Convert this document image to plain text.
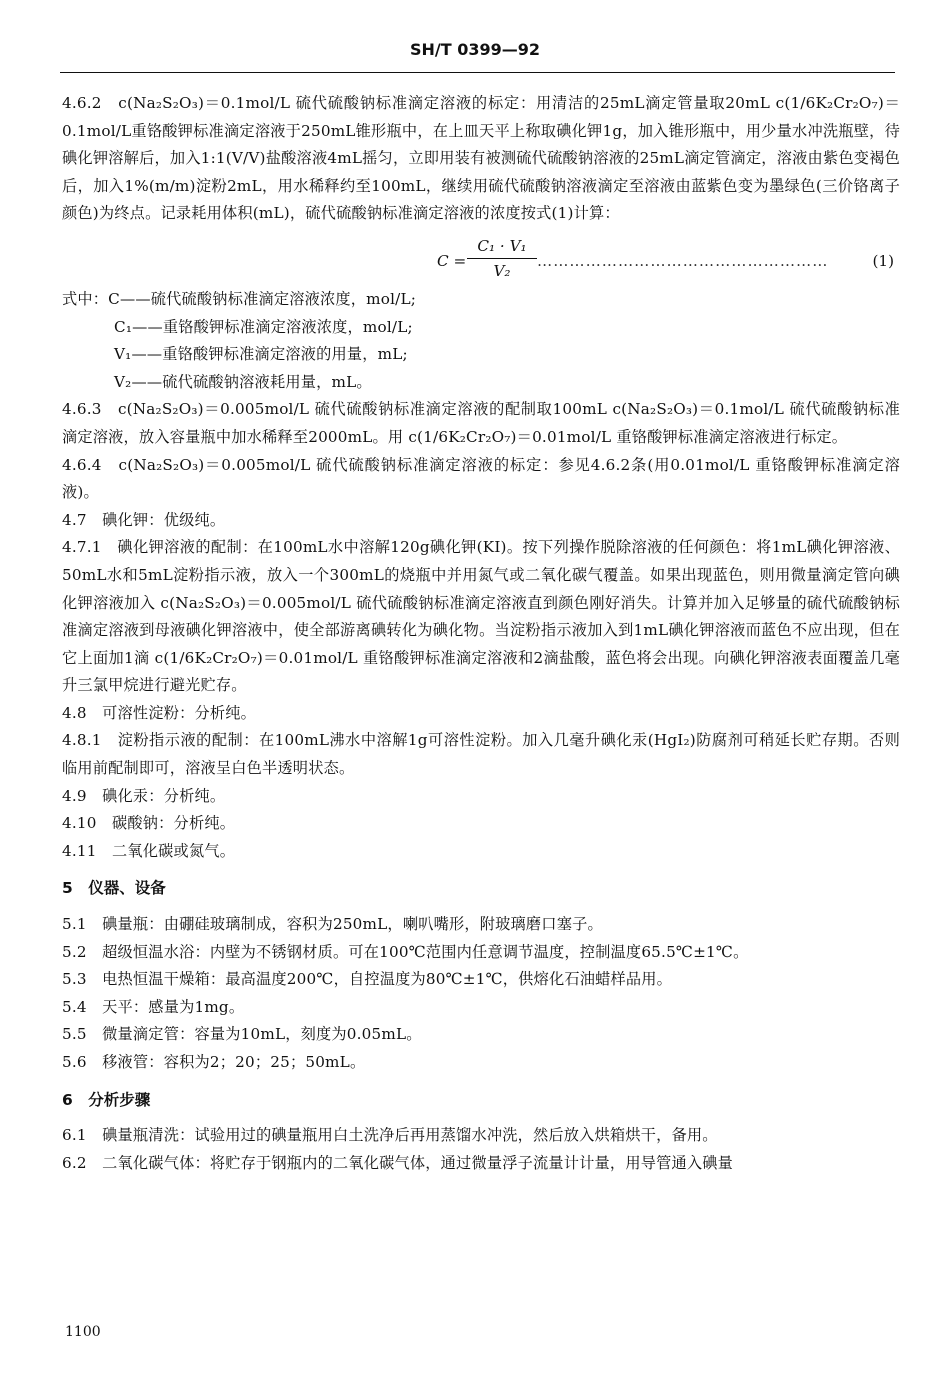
SH/T 0399—92

4.6.2　c(Na₂S₂O₃)＝0.1mol/L 硫代硫酸钠标准滴定溶液的标定：用清洁的25mL滴定管量取20mL c(1/6K₂Cr₂O₇)＝0.1mol/L重铬酸钾标准滴定溶液于250mL锥形瓶中，在上皿天平上称取碘化钾1g，加入锥形瓶中，用少量水冲洗瓶壁，待碘化钾溶解后，加入1:1(V/V)盐酸溶液4mL摇匀，立即用装有被测硫代硫酸钠溶液的25mL滴定管滴定，溶液由紫色变褐色后，加入1%(m/m)淀粉2mL，用水稀释约至100mL，继续用硫代硫酸钠溶液滴定至溶液由蓝紫色变为墨绿色(三价铬离子颜色)为终点。记录耗用体积(mL)，硫代硫酸钠标准滴定溶液的浓度按式(1)计算：

$C = \frac{\text{C₁ · V₁}}{\text{V₂}}$ ………………………………………………	(1)

式中：C——硫代硫酸钠标准滴定溶液浓度，mol/L;

C₁——重铬酸钾标准滴定溶液浓度，mol/L;

V₁——重铬酸钾标准滴定溶液的用量，mL;

V₂——硫代硫酸钠溶液耗用量，mL。

4.6.3　c(Na₂S₂O₃)＝0.005mol/L 硫代硫酸钠标准滴定溶液的配制取100mL c(Na₂S₂O₃)＝0.1mol/L 硫代硫酸钠标准滴定溶液，放入容量瓶中加水稀释至2000mL。用 c(1/6K₂Cr₂O₇)＝0.01mol/L 重铬酸钾标准滴定溶液进行标定。

4.6.4　c(Na₂S₂O₃)＝0.005mol/L 硫代硫酸钠标准滴定溶液的标定：参见4.6.2条(用0.01mol/L 重铬酸钾标准滴定溶液)。

4.7　碘化钾：优级纯。

4.7.1　碘化钾溶液的配制：在100mL水中溶解120g碘化钾(KI)。按下列操作脱除溶液的任何颜色：将1mL碘化钾溶液、50mL水和5mL淀粉指示液，放入一个300mL的烧瓶中并用氮气或二氧化碳气覆盖。如果出现蓝色，则用微量滴定管向碘化钾溶液加入 c(Na₂S₂O₃)＝0.005mol/L 硫代硫酸钠标准滴定溶液直到颜色刚好消失。计算并加入足够量的硫代硫酸钠标准滴定溶液到母液碘化钾溶液中，使全部游离碘转化为碘化物。当淀粉指示液加入到1mL碘化钾溶液而蓝色不应出现，但在它上面加1滴 c(1/6K₂Cr₂O₇)＝0.01mol/L 重铬酸钾标准滴定溶液和2滴盐酸，蓝色将会出现。向碘化钾溶液表面覆盖几毫升三氯甲烷进行避光贮存。

4.8　可溶性淀粉：分析纯。

4.8.1　淀粉指示液的配制：在100mL沸水中溶解1g可溶性淀粉。加入几毫升碘化汞(HgI₂)防腐剂可稍延长贮存期。否则临用前配制即可，溶液呈白色半透明状态。

4.9　碘化汞：分析纯。

4.10　碳酸钠：分析纯。

4.11　二氧化碳或氮气。

5　仪器、设备

5.1　碘量瓶：由硼硅玻璃制成，容积为250mL，喇叭嘴形，附玻璃磨口塞子。

5.2　超级恒温水浴：内壁为不锈钢材质。可在100℃范围内任意调节温度，控制温度65.5℃±1℃。

5.3　电热恒温干燥箱：最高温度200℃，自控温度为80℃±1℃，供熔化石油蜡样品用。

5.4　天平：感量为1mg。

5.5　微量滴定管：容量为10mL，刻度为0.05mL。

5.6　移液管：容积为2；20；25；50mL。

6　分析步骤

6.1　碘量瓶清洗：试验用过的碘量瓶用白土洗净后再用蒸馏水冲洗，然后放入烘箱烘干，备用。

6.2　二氧化碳气体：将贮存于钢瓶内的二氧化碳气体，通过微量浮子流量计计量，用导管通入碘量

1100
